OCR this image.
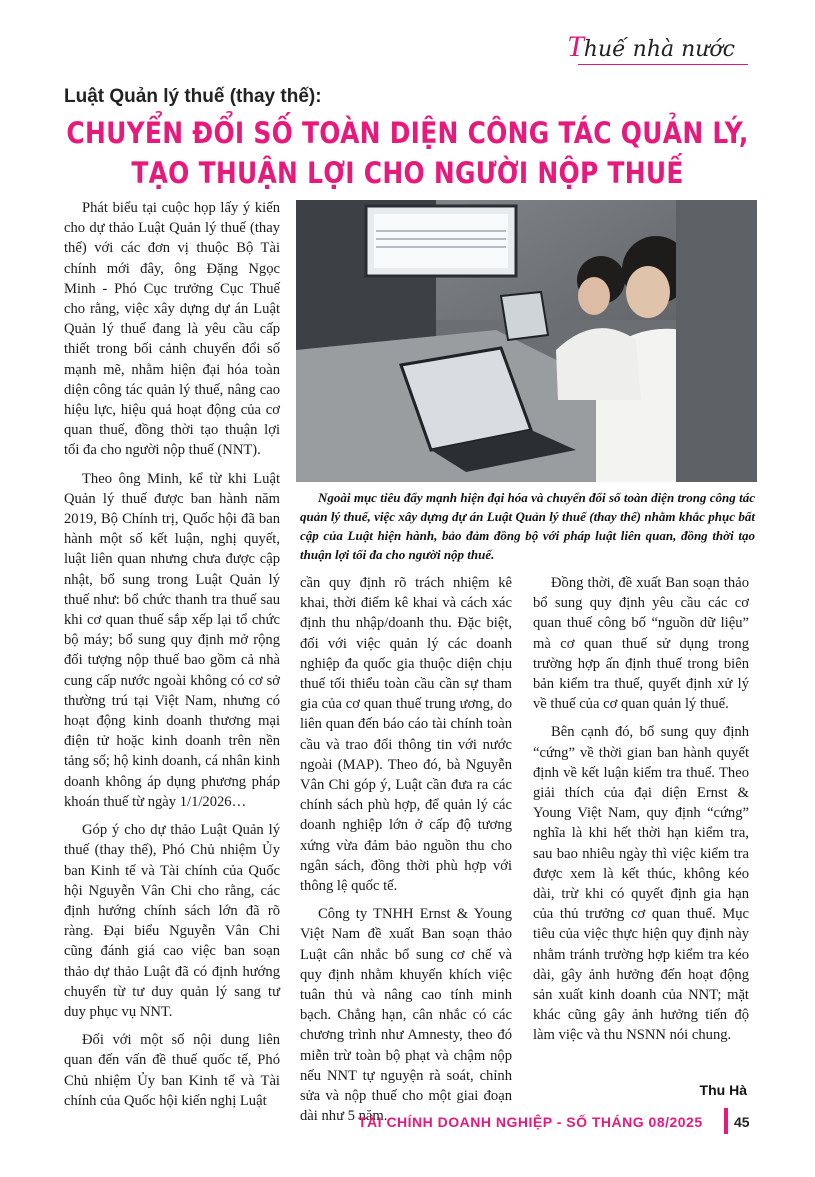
Thuế nhà nước
Luật Quản lý thuế (thay thế):
CHUYỂN ĐỔI SỐ TOÀN DIỆN CÔNG TÁC QUẢN LÝ,
TẠO THUẬN LỢI CHO NGƯỜI NỘP THUẾ

Phát biểu tại cuộc họp lấy ý kiến cho dự thảo Luật Quản lý thuế (thay thế) với các đơn vị thuộc Bộ Tài chính mới đây, ông Đặng Ngọc Minh - Phó Cục trưởng Cục Thuế cho rằng, việc xây dựng dự án Luật Quản lý thuế đang là yêu cầu cấp thiết trong bối cảnh chuyển đổi số mạnh mẽ, nhằm hiện đại hóa toàn diện công tác quản lý thuế, nâng cao hiệu lực, hiệu quả hoạt động của cơ quan thuế, đồng thời tạo thuận lợi tối đa cho người nộp thuế (NNT).

Theo ông Minh, kể từ khi Luật Quản lý thuế được ban hành năm 2019, Bộ Chính trị, Quốc hội đã ban hành một số kết luận, nghị quyết, luật liên quan nhưng chưa được cập nhật, bổ sung trong Luật Quản lý thuế như: bổ chức thanh tra thuế sau khi cơ quan thuế sắp xếp lại tổ chức bộ máy; bổ sung quy định mở rộng đối tượng nộp thuế bao gồm cả nhà cung cấp nước ngoài không có cơ sở thường trú tại Việt Nam, nhưng có hoạt động kinh doanh thương mại điện tử hoặc kinh doanh trên nền tảng số; hộ kinh doanh, cá nhân kinh doanh không áp dụng phương pháp khoán thuế từ ngày 1/1/2026…

Góp ý cho dự thảo Luật Quản lý thuế (thay thế), Phó Chủ nhiệm Ủy ban Kinh tế và Tài chính của Quốc hội Nguyễn Vân Chi cho rằng, các định hướng chính sách lớn đã rõ ràng. Đại biểu Nguyễn Vân Chi cũng đánh giá cao việc ban soạn thảo dự thảo Luật đã có định hướng chuyển từ tư duy quản lý sang tư duy phục vụ NNT.

Đối với một số nội dung liên quan đến vấn đề thuế quốc tế, Phó Chủ nhiệm Ủy ban Kinh tế và Tài chính của Quốc hội kiến nghị Luật

Ngoài mục tiêu đẩy mạnh hiện đại hóa và chuyển đổi số toàn diện trong công tác quản lý thuế, việc xây dựng dự án Luật Quản lý thuế (thay thế) nhằm khắc phục bất cập của Luật hiện hành, bảo đảm đồng bộ với pháp luật liên quan, đồng thời tạo thuận lợi tối đa cho người nộp thuế.

cần quy định rõ trách nhiệm kê khai, thời điểm kê khai và cách xác định thu nhập/doanh thu. Đặc biệt, đối với việc quản lý các doanh nghiệp đa quốc gia thuộc diện chịu thuế tối thiểu toàn cầu cần sự tham gia của cơ quan thuế trung ương, do liên quan đến báo cáo tài chính toàn cầu và trao đổi thông tin với nước ngoài (MAP). Theo đó, bà Nguyễn Vân Chi góp ý, Luật cần đưa ra các chính sách phù hợp, để quản lý các doanh nghiệp lớn ở cấp độ tương xứng vừa đảm bảo nguồn thu cho ngân sách, đồng thời phù hợp với thông lệ quốc tế.

Công ty TNHH Ernst & Young Việt Nam đề xuất Ban soạn thảo Luật cân nhắc bổ sung cơ chế và quy định nhằm khuyến khích việc tuân thủ và nâng cao tính minh bạch. Chẳng hạn, cân nhắc có các chương trình như Amnesty, theo đó miễn trừ toàn bộ phạt và chậm nộp nếu NNT tự nguyện rà soát, chỉnh sửa và nộp thuế cho một giai đoạn dài như 5 năm.

Đồng thời, đề xuất Ban soạn thảo bổ sung quy định yêu cầu các cơ quan thuế công bố “nguồn dữ liệu” mà cơ quan thuế sử dụng trong trường hợp ấn định thuế trong biên bản kiểm tra thuế, quyết định xử lý về thuế của cơ quan quản lý thuế.

Bên cạnh đó, bổ sung quy định “cứng” về thời gian ban hành quyết định về kết luận kiểm tra thuế. Theo giải thích của đại diện Ernst & Young Việt Nam, quy định “cứng” nghĩa là khi hết thời hạn kiểm tra, sau bao nhiêu ngày thì việc kiểm tra được xem là kết thúc, không kéo dài, trừ khi có quyết định gia hạn của thủ trưởng cơ quan thuế. Mục tiêu của việc thực hiện quy định này nhằm tránh trường hợp kiểm tra kéo dài, gây ảnh hưởng đến hoạt động sản xuất kinh doanh của NNT; mặt khác cũng gây ảnh hưởng tiến độ làm việc và thu NSNN nói chung.

Thu Hà
TÀI CHÍNH DOANH NGHIỆP - SỐ THÁNG 08/2025 45
